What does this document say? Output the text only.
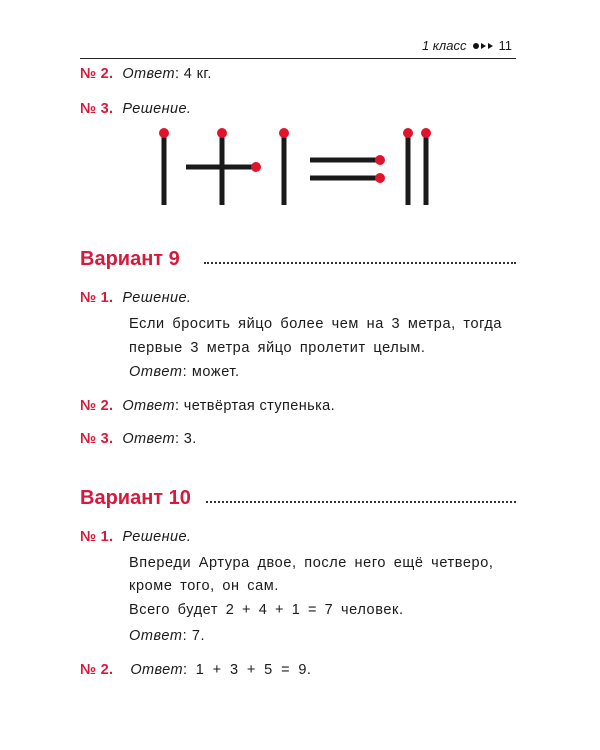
1 класс 11
№ 2. Ответ: 4 кг.
№ 3. Решение.
Вариант 9
№ 1. Решение.
Если бросить яйцо более чем на 3 метра, тогда
первые 3 метра яйцо пролетит целым.
Ответ: может.
№ 2. Ответ: четвёртая ступенька.
№ 3. Ответ: 3.
Вариант 10
№ 1. Решение.
Впереди Артура двое, после него ещё четверо,
кроме того, он сам.
Всего будет 2 + 4 + 1 = 7 человек.
Ответ: 7.
№ 2. Ответ: 1 + 3 + 5 = 9.
